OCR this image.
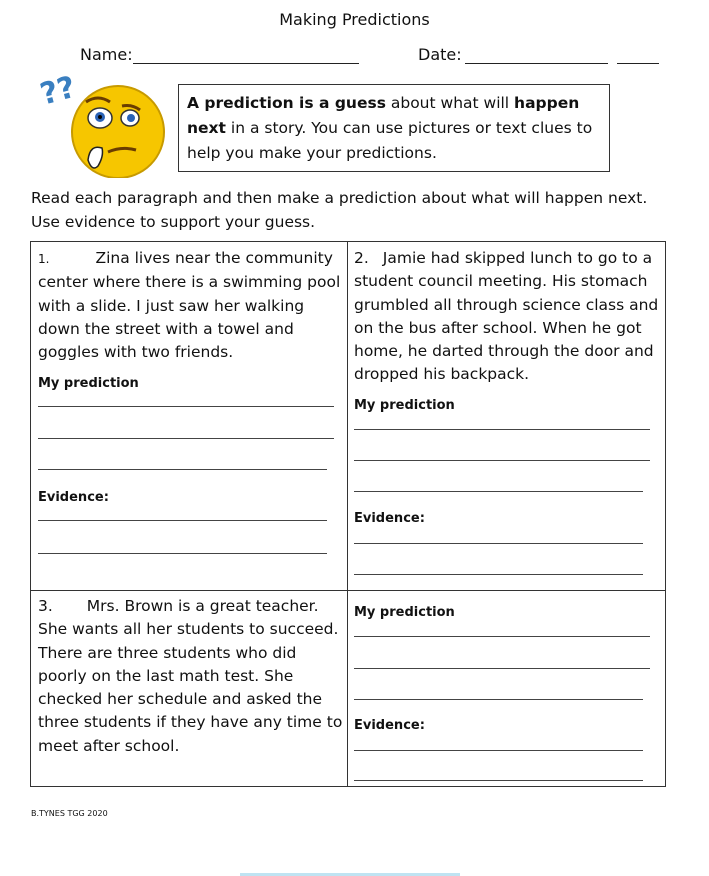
Making Predictions
Name:	Date:
??	A prediction is a guess about what will happen next in a story. You can use pictures or text clues to help you make your predictions.
Read each paragraph and then make a prediction about what will happen next. Use evidence to support your guess.
1.	Zina lives near the community
center where there is a swimming pool with a slide. I just saw her walking down the street with a towel and goggles with two friends.
My prediction
Evidence:
2. Jamie had skipped lunch to go to a
student council meeting. His stomach grumbled all through science class and on the bus after school. When he got home, he darted through the door and dropped his backpack.
My prediction
Evidence:
3. Mrs. Brown is a great teacher.
She wants all her students to succeed. There are three students who did poorly on the last math test. She checked her schedule and asked the three students if they have any time to meet after school.
My prediction
Evidence:
B.TYNES TGG 2020
